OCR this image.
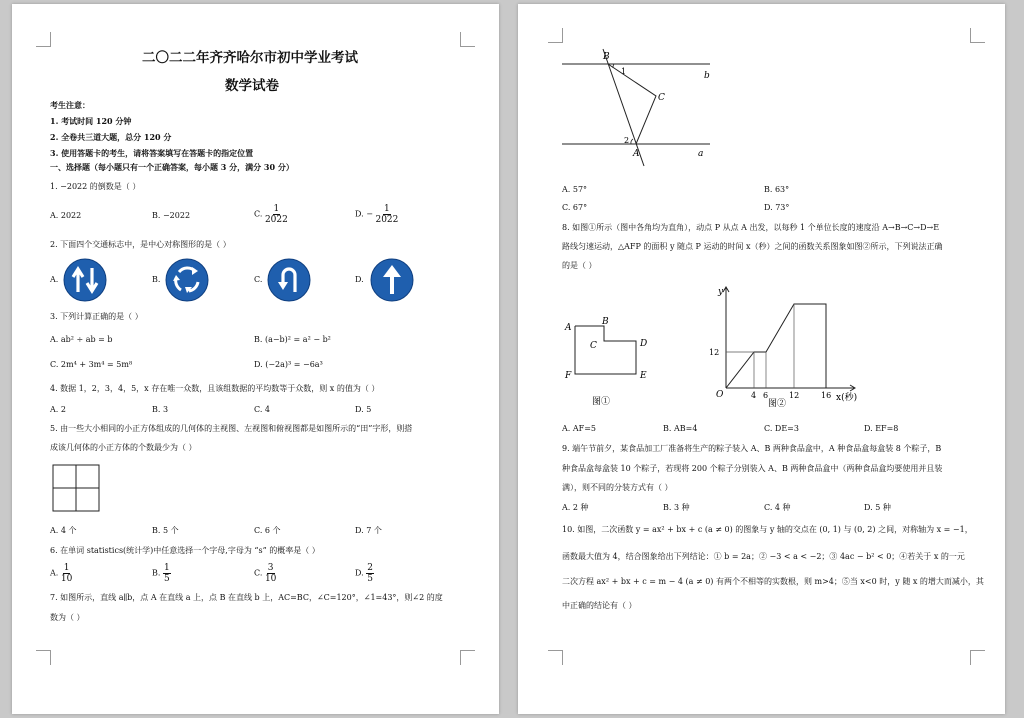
二〇二二年齐齐哈尔市初中学业考试
数学试卷
考生注意：
1. 考试时间 120 分钟
2. 全卷共三道大题，总分 120 分
3. 使用答题卡的考生，请将答案填写在答题卡的指定位置
一、选择题（每小题只有一个正确答案，每小题 3 分，满分 30 分）
1. −2022 的倒数是（ ）
A. 2022	B. −2022	C. $\frac{1}{2022}$	D. − $\frac{1}{2022}$
2. 下面四个交通标志中，是中心对称图形的是（ ）
A.	B.	C.	D.
3. 下列计算正确的是（ ）
A. ab² ÷ ab = b	B. (a−b)² = a² − b²
C. 2m⁴ + 3m⁴ = 5m⁸	D. (−2a)³ = −6a³
4. 数据 1，2，3，4，5，x 存在唯一众数，且该组数据的平均数等于众数，则 x 的值为（ ）
A. 2	B. 3	C. 4	D. 5
5. 由一些大小相同的小正方体组成的几何体的主视图、左视图和俯视图都是如图所示的“田”字形，则搭
成该几何体的小正方体的个数最少为（ ）
A. 4 个	B. 5 个	C. 6 个	D. 7 个
6. 在单词 statistics(统计学)中任意选择一个字母,字母为 “s” 的概率是（ ）
A. $\frac{1}{10}$	B. $\frac{1}{5}$	C. $\frac{3}{10}$	D. $\frac{2}{5}$
7. 如图所示，直线 a∥b，点 A 在直线 a 上，点 B 在直线 b 上，AC=BC，∠C=120°，∠1=43°，则∠2 的度
数为（ ）
B
1
C
2
A
b
a
A. 57°	B. 63°
C. 67°	D. 73°
8. 如图①所示（图中各角均为直角），动点 P 从点 A 出发，以每秒 1 个单位长度的速度沿 A→B→C→D→E
路线匀速运动，△AFP 的面积 y 随点 P 运动的时间 x（秒）之间的函数关系图象如图②所示，下列说法正确
的是（ ）
A
B
C	D
E
F
图①
y
x(秒)
O
12
4 6	12	16
图②
A. AF=5	B. AB=4	C. DE=3	D. EF=8
9. 端午节前夕，某食品加工厂准备将生产的粽子装入 A、B 两种食品盒中，A 种食品盒每盒装 8 个粽子，B
种食品盒每盒装 10 个粽子，若现将 200 个粽子分别装入 A、B 两种食品盒中（两种食品盒均要使用并且装
满），则不同的分装方式有（ ）
A. 2 种	B. 3 种	C. 4 种	D. 5 种
10. 如图，二次函数 y = ax² + bx + c (a ≠ 0) 的图象与 y 轴的交点在 (0, 1) 与 (0, 2) 之间，对称轴为 x = −1，
函数最大值为 4，结合图象给出下列结论：① b = 2a；② −3 < a < −2；③ 4ac − b² < 0；④若关于 x 的一元
二次方程 ax² + bx + c = m − 4 (a ≠ 0) 有两个不相等的实数根，则 m>4；⑤当 x<0 时，y 随 x 的增大而减小，其
中正确的结论有（ ）
